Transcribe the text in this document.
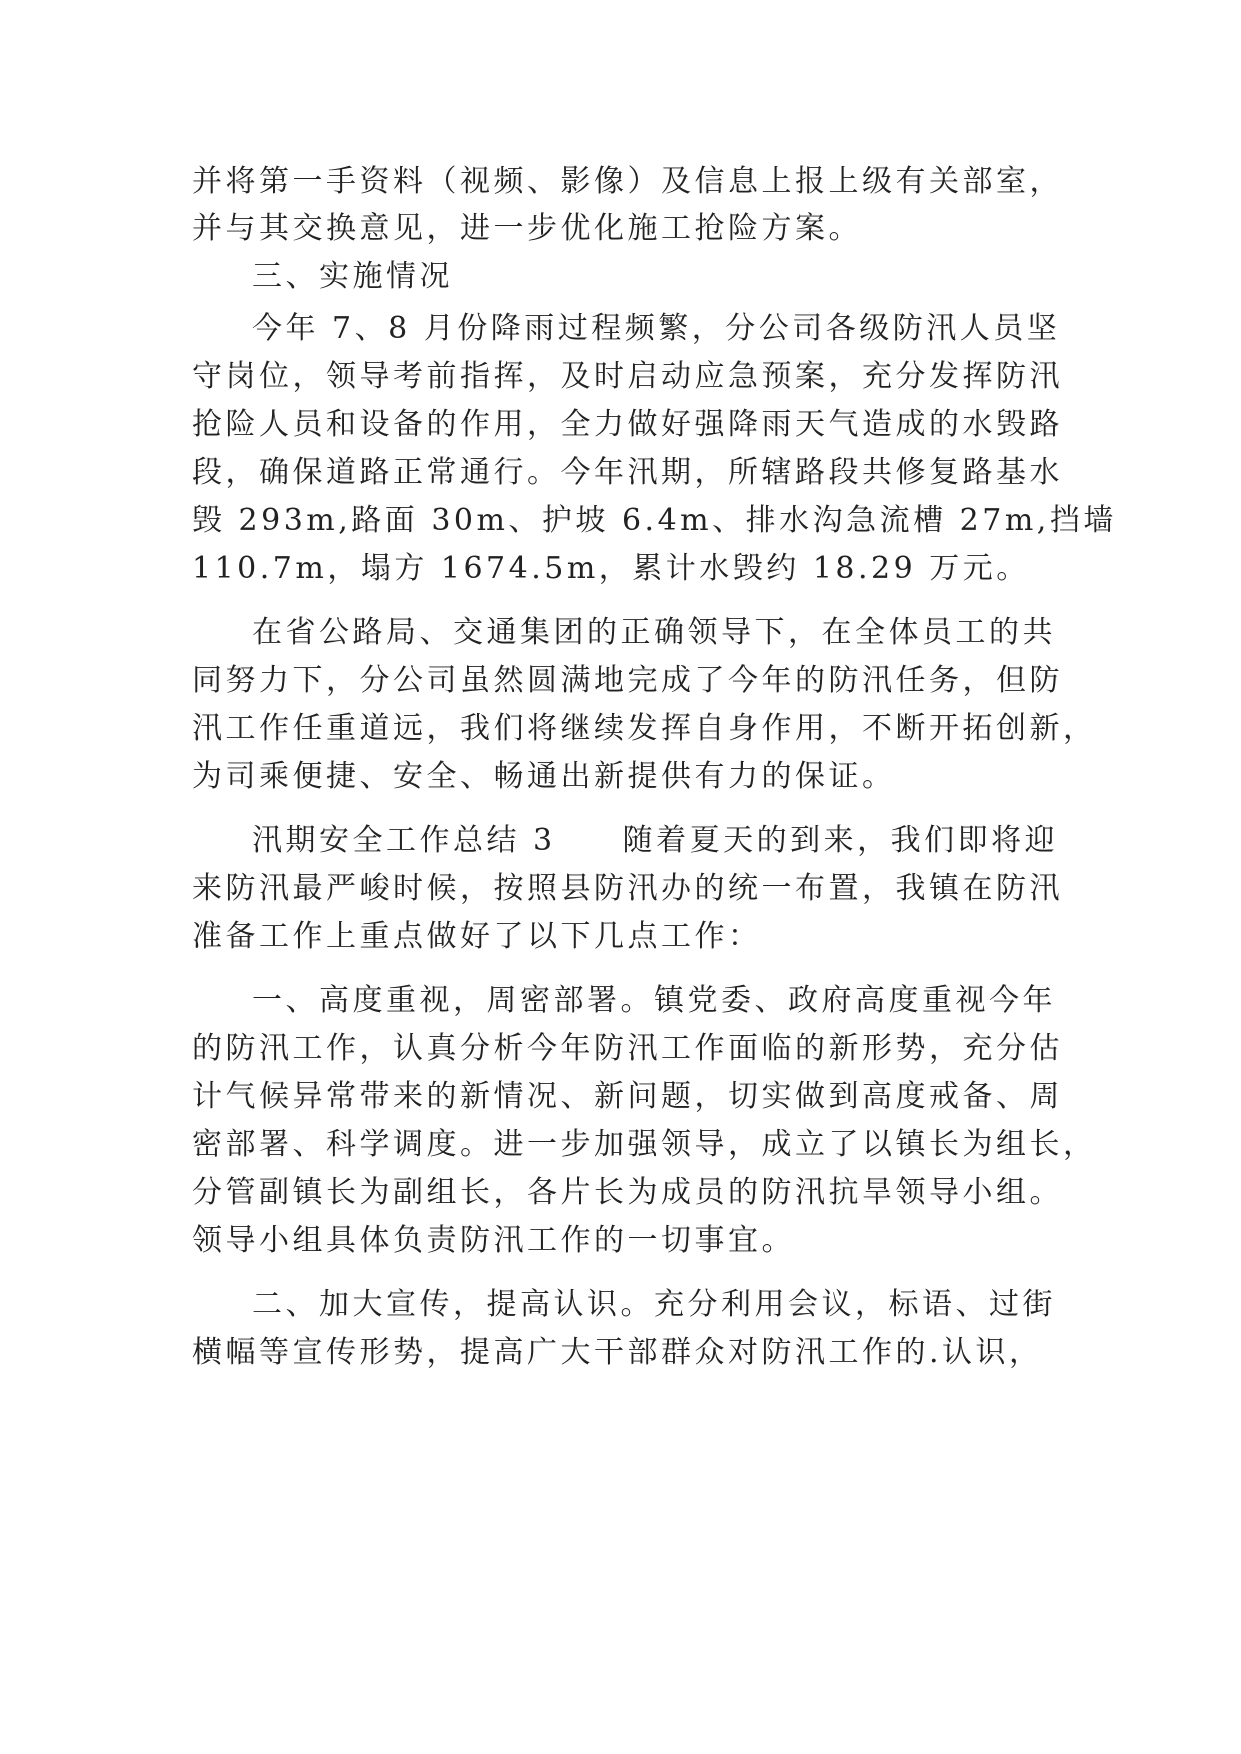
并将第一手资料（视频、影像）及信息上报上级有关部室，
并与其交换意见，进一步优化施工抢险方案。
三、实施情况
今年 7、8 月份降雨过程频繁，分公司各级防汛人员坚
守岗位，领导考前指挥，及时启动应急预案，充分发挥防汛
抢险人员和设备的作用，全力做好强降雨天气造成的水毁路
段，确保道路正常通行。今年汛期，所辖路段共修复路基水
毁 293m,路面 30m、护坡 6.4m、排水沟急流槽 27m,挡墙
110.7m，塌方 1674.5m，累计水毁约 18.29 万元。
在省公路局、交通集团的正确领导下，在全体员工的共
同努力下，分公司虽然圆满地完成了今年的防汛任务，但防
汛工作任重道远，我们将继续发挥自身作用，不断开拓创新，
为司乘便捷、安全、畅通出新提供有力的保证。
汛期安全工作总结 3　　随着夏天的到来，我们即将迎
来防汛最严峻时候，按照县防汛办的统一布置，我镇在防汛
准备工作上重点做好了以下几点工作：
一、高度重视，周密部署。镇党委、政府高度重视今年
的防汛工作，认真分析今年防汛工作面临的新形势，充分估
计气候异常带来的新情况、新问题，切实做到高度戒备、周
密部署、科学调度。进一步加强领导，成立了以镇长为组长，
分管副镇长为副组长，各片长为成员的防汛抗旱领导小组。
领导小组具体负责防汛工作的一切事宜。
二、加大宣传，提高认识。充分利用会议，标语、过街
横幅等宣传形势，提高广大干部群众对防汛工作的.认识，
